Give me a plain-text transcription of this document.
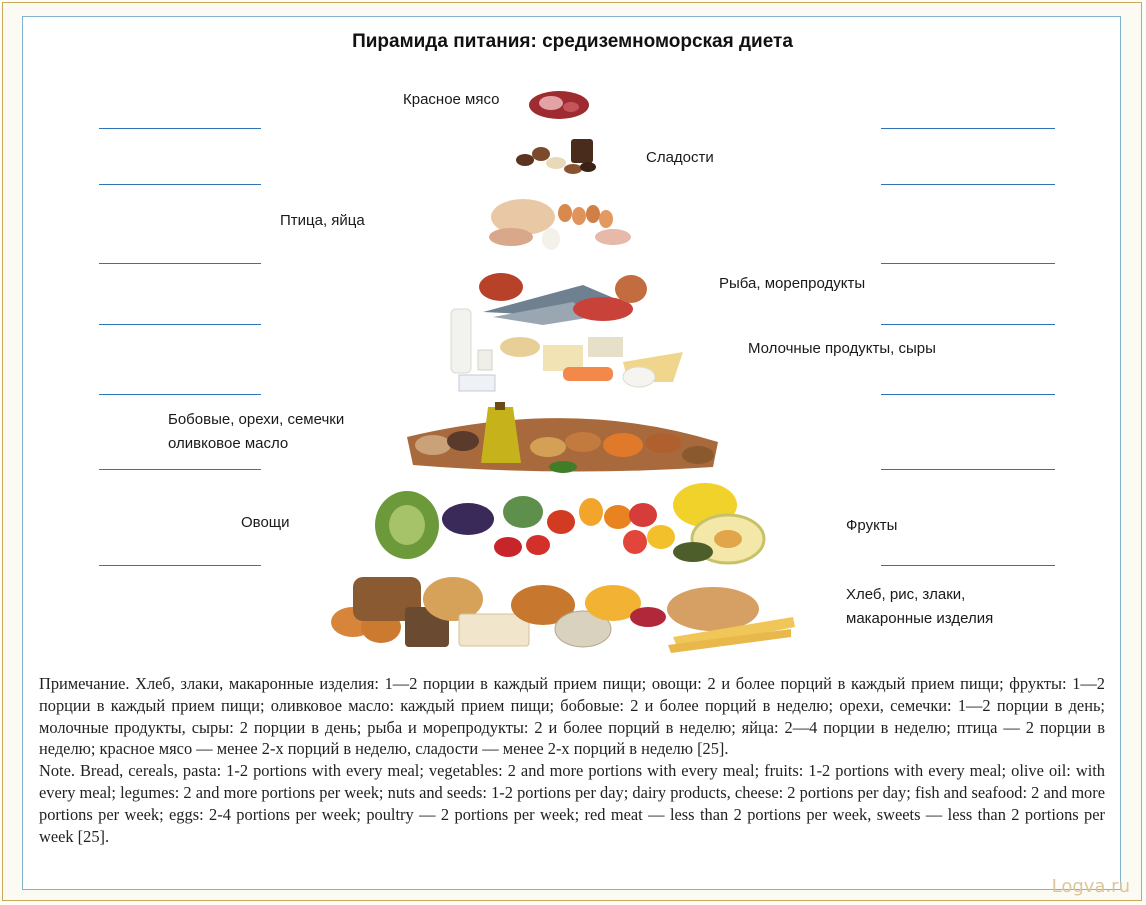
Пирамида питания: средиземноморская диета
Красное мясо
Сладости
Птица, яйца
Рыба, морепродукты
Молочные продукты, сыры
Бобовые, орехи, семечки
оливковое масло
Овощи	Фрукты
Хлеб, рис, злаки,
макаронные изделия

Примечание. Хлеб, злаки, макаронные изделия: 1—2 порции в каждый прием пищи; овощи: 2 и более порций в каждый прием пищи; фрукты: 1—2 порции в каждый прием пищи; оливковое масло: каждый прием пищи; бобовые: 2 и более порций в неделю; орехи, семечки: 1—2 порции в день; молочные продукты, сыры: 2 порции в день; рыба и морепродукты: 2 и более порций в неделю; яйца: 2—4 порции в неделю; птица — 2 порции в неделю; красное мясо — менее 2-х порций в неделю, сладости — менее 2-х порций в неделю [25].

Note. Bread, cereals, pasta: 1-2 portions with every meal; vegetables: 2 and more portions with every meal; fruits: 1-2 portions with every meal; olive oil: with every meal; legumes: 2 and more portions per week; nuts and seeds: 1-2 portions per day; dairy products, cheese: 2 portions per day; fish and seafood: 2 and more portions per week; eggs: 2-4 portions per week; poultry — 2 portions per week; red meat — less than 2 portions per week, sweets — less than 2 portions per week [25].

Logva.ru
